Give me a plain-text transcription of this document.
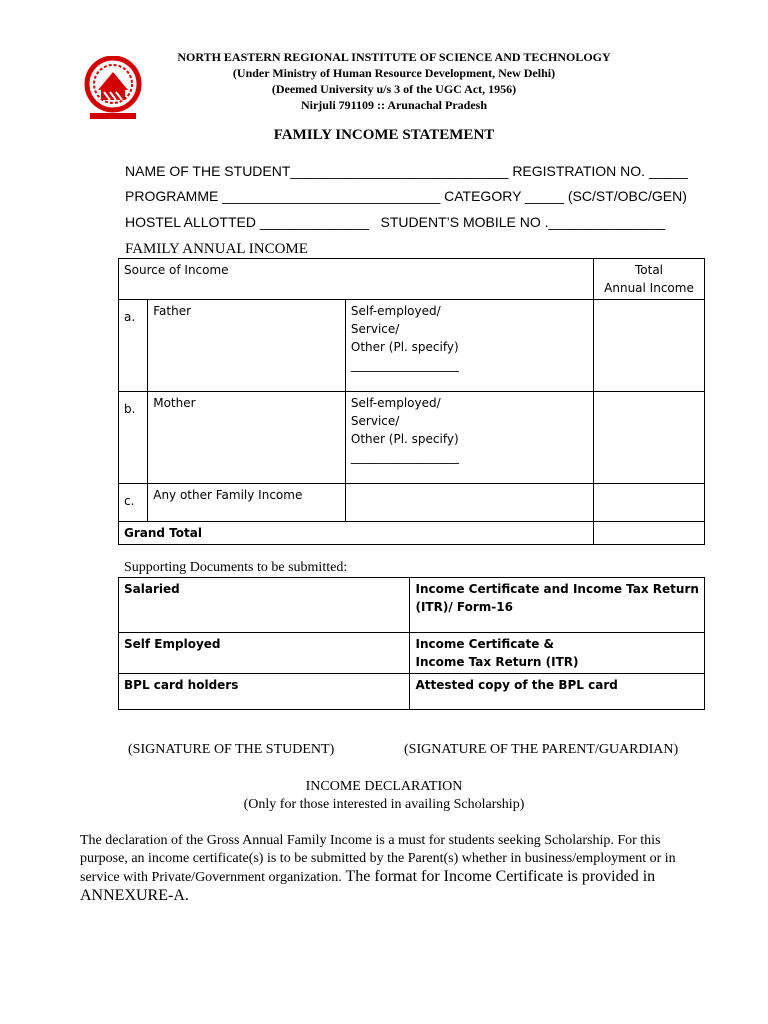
NORTH EASTERN REGIONAL INSTITUTE OF SCIENCE AND TECHNOLOGY
(Under Ministry of Human Resource Development, New Delhi)
(Deemed University u/s 3 of the UGC Act, 1956)
Nirjuli 791109 :: Arunachal Pradesh
FAMILY INCOME STATEMENT
NAME OF THE STUDENT____________________________ REGISTRATION NO. _____
PROGRAMME ____________________________ CATEGORY _____ (SC/ST/OBC/GEN)
HOSTEL ALLOTTED ______________   STUDENT’S MOBILE NO ._______________
FAMILY ANNUAL INCOME
Source of Income			Total
Annual Income

a.	Father	Self-employed/
Service/
Other (Pl. specify)
__________________	

b.	Mother	Self-employed/
Service/
Other (Pl. specify)
__________________	

c.	Any other Family Income		
Grand Total			
Supporting Documents to be submitted:
Salaried	Income Certificate and Income Tax Return
(ITR)/ Form-16

Self Employed	Income Certificate &
Income Tax Return (ITR)

BPL card holders	Attested copy of the BPL card
(SIGNATURE OF THE STUDENT)	(SIGNATURE OF THE PARENT/GUARDIAN)
INCOME DECLARATION
(Only for those interested in availing Scholarship)
The declaration of the Gross Annual Family Income is a must for students seeking Scholarship. For this purpose, an income certificate(s) is to be submitted by the Parent(s) whether in business/employment or in service with Private/Government organization. The format for Income Certificate is provided in ANNEXURE-A.
